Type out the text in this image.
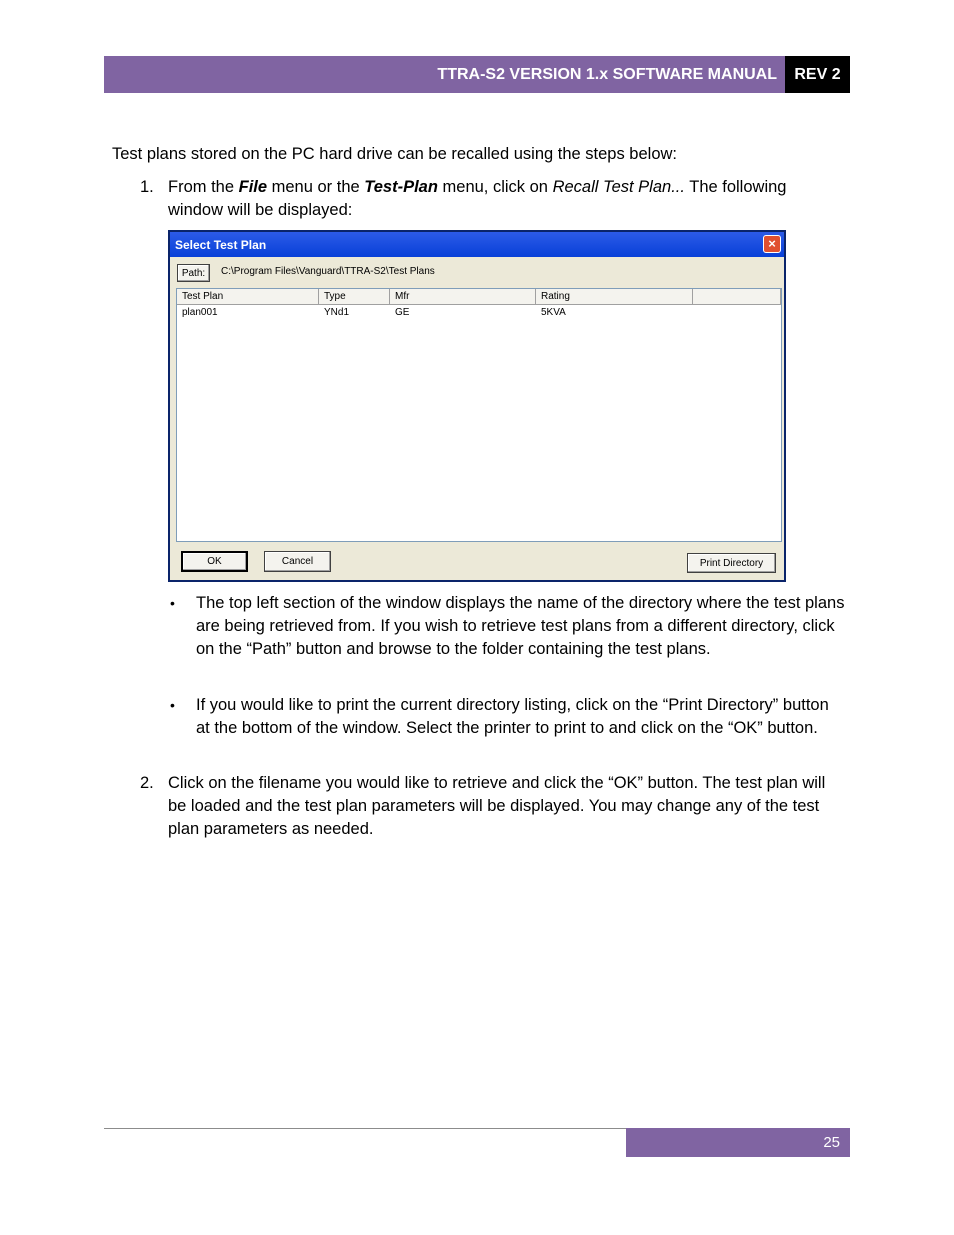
TTRA-S2 VERSION 1.x SOFTWARE MANUAL	REV 2
Test plans stored on the PC hard drive can be recalled using the steps below:
1. From the File menu or the Test-Plan menu, click on Recall Test Plan... The following window will be displayed:
Select Test Plan	×
Path:	C:\Program Files\Vanguard\TTRA-S2\Test Plans
Test Plan	Type	Mfr	Rating
plan001	YNd1	GE	5KVA
OK	Cancel	Print Directory
• The top left section of the window displays the name of the directory where the test plans are being retrieved from. If you wish to retrieve test plans from a different directory, click on the “Path” button and browse to the folder containing the test plans.
• If you would like to print the current directory listing, click on the “Print Directory” button at the bottom of the window. Select the printer to print to and click on the “OK” button.
2. Click on the filename you would like to retrieve and click the “OK” button. The test plan will be loaded and the test plan parameters will be displayed. You may change any of the test plan parameters as needed.
25
